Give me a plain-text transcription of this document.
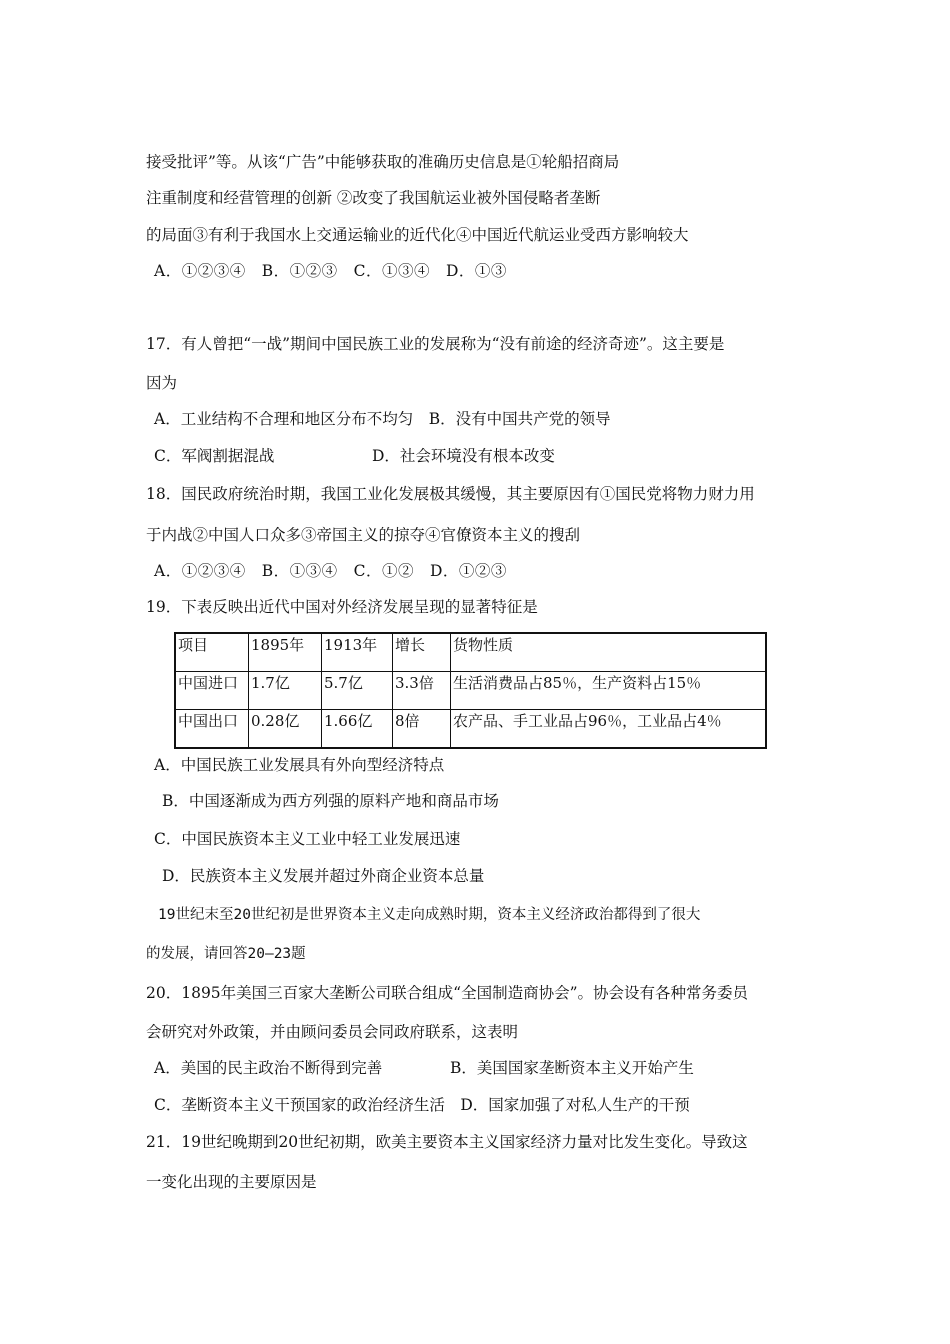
接受批评”等。从该“广告”中能够获取的准确历史信息是①轮船招商局
注重制度和经营管理的创新 ②改变了我国航运业被外国侵略者垄断
的局面③有利于我国水上交通运输业的近代化④中国近代航运业受西方影响较大
A．①②③④　B．①②③　C．①③④　D．①③
17．有人曾把“一战”期间中国民族工业的发展称为“没有前途的经济奇迹”。这主要是
因为
A．工业结构不合理和地区分布不均匀　B．没有中国共产党的领导
C．军阀割据混战	D．社会环境没有根本改变
18．国民政府统治时期，我国工业化发展极其缓慢，其主要原因有①国民党将物力财力用
于内战②中国人口众多③帝国主义的掠夺④官僚资本主义的搜刮
A．①②③④　B．①③④　C．①②　D．①②③
19．下表反映出近代中国对外经济发展呈现的显著特征是
项目	1895年	1913年	增长	货物性质
中国进口	1.7亿	5.7亿	3.3倍	生活消费品占85％，生产资料占15％
中国出口	0.28亿	1.66亿	8倍	农产品、手工业品占96％，工业品占4％
A．中国民族工业发展具有外向型经济特点
B．中国逐渐成为西方列强的原料产地和商品市场
C．中国民族资本主义工业中轻工业发展迅速
D．民族资本主义发展并超过外商企业资本总量
19世纪末至20世纪初是世界资本主义走向成熟时期，资本主义经济政治都得到了很大
的发展，请回答20—23题
20．1895年美国三百家大垄断公司联合组成“全国制造商协会”。协会设有各种常务委员
会研究对外政策，并由顾问委员会同政府联系，这表明
A．美国的民主政治不断得到完善	B．美国国家垄断资本主义开始产生
C．垄断资本主义干预国家的政治经济生活　D．国家加强了对私人生产的干预
21．19世纪晚期到20世纪初期，欧美主要资本主义国家经济力量对比发生变化。导致这
一变化出现的主要原因是
